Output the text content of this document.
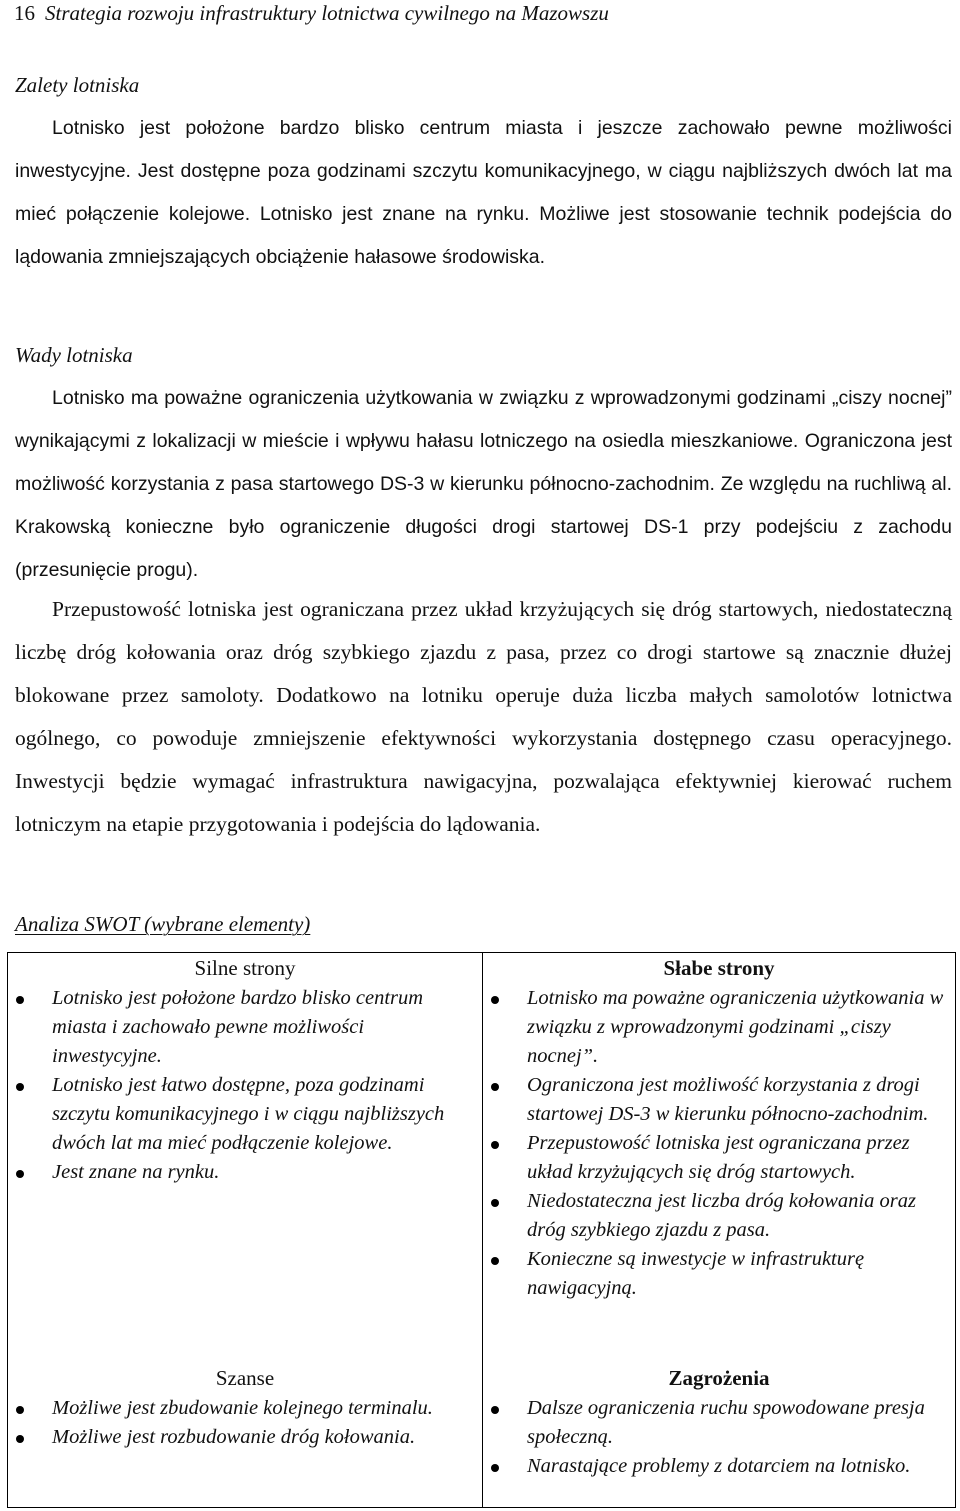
16 Strategia rozwoju infrastruktury lotnictwa cywilnego na Mazowszu
Zalety lotniska

Lotnisko jest położone bardzo blisko centrum miasta i jeszcze zachowało pewne możliwości inwestycyjne. Jest dostępne poza godzinami szczytu komunikacyjnego, w ciągu najbliższych dwóch lat ma mieć połączenie kolejowe. Lotnisko jest znane na rynku. Możliwe jest stosowanie technik podejścia do lądowania zmniejszających obciążenie hałasowe środowiska.

Wady lotniska

Lotnisko ma poważne ograniczenia użytkowania w związku z wprowadzonymi godzinami „ciszy nocnej” wynikającymi z lokalizacji w mieście i wpływu hałasu lotniczego na osiedla mieszkaniowe. Ograniczona jest możliwość korzystania z pasa startowego DS-3 w kierunku północno-zachodnim. Ze względu na ruchliwą al. Krakowską konieczne było ograniczenie długości drogi startowej DS-1 przy podejściu z zachodu (przesunięcie progu).

Przepustowość lotniska jest ograniczana przez układ krzyżujących się dróg startowych, niedostateczną liczbę dróg kołowania oraz dróg szybkiego zjazdu z pasa, przez co drogi startowe są znacznie dłużej blokowane przez samoloty. Dodatkowo na lotniku operuje duża liczba małych samolotów lotnictwa ogólnego, co powoduje zmniejszenie efektywności wykorzystania dostępnego czasu operacyjnego. Inwestycji będzie wymagać infrastruktura nawigacyjna, pozwalająca efektywniej kierować ruchem lotniczym na etapie przygotowania i podejścia do lądowania.

Analiza SWOT (wybrane elementy)
Silne strony
Lotnisko jest położone bardzo blisko centrum miasta i zachowało pewne możliwości inwestycyjne.
Lotnisko jest łatwo dostępne, poza godzinami szczytu komunikacyjnego i w ciągu najbliższych dwóch lat ma mieć podłączenie kolejowe.
Jest znane na rynku.
Słabe strony
Lotnisko ma poważne ograniczenia użytkowania w związku z wprowadzonymi godzinami „ciszy nocnej”.
Ograniczona jest możliwość korzystania z drogi startowej DS-3 w kierunku północno-zachodnim.
Przepustowość lotniska jest ograniczana przez układ krzyżujących się dróg startowych.
Niedostateczna jest liczba dróg kołowania oraz dróg szybkiego zjazdu z pasa.
Konieczne są inwestycje w infrastrukturę nawigacyjną.
Szanse
Możliwe jest zbudowanie kolejnego terminalu.
Możliwe jest rozbudowanie dróg kołowania.
Zagrożenia
Dalsze ograniczenia ruchu spowodowane presja społeczną.
Narastające problemy z dotarciem na lotnisko.
